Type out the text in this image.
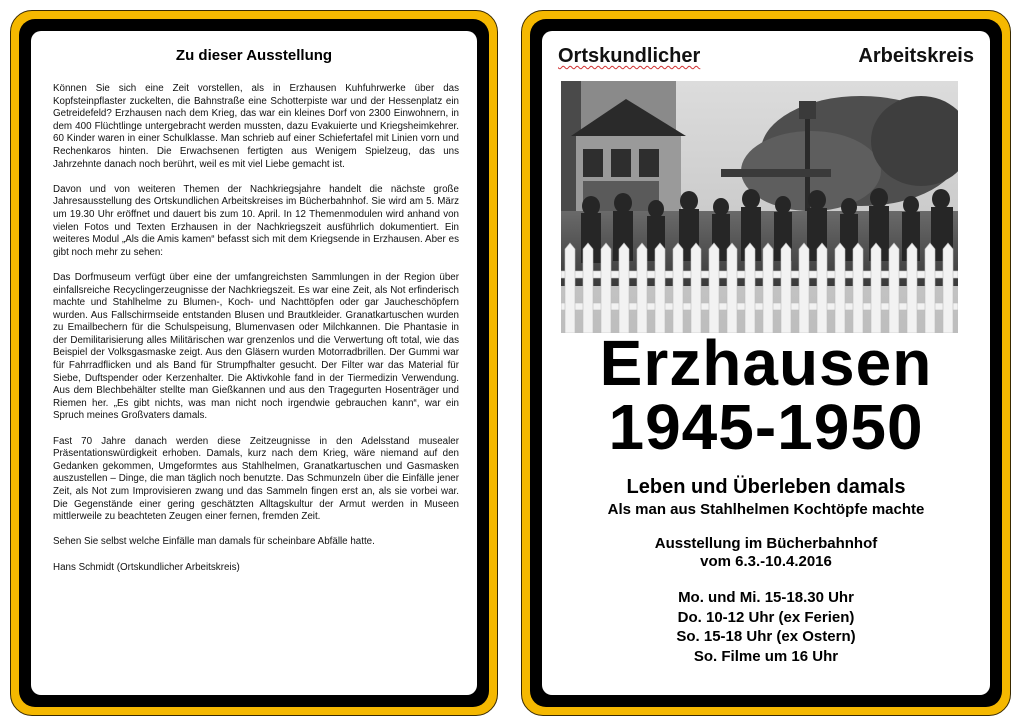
Zu dieser Ausstellung

Können Sie sich eine Zeit vorstellen, als in Erzhausen Kuhfuhrwerke über das Kopfsteinpflaster zuckelten, die Bahnstraße eine Schotterpiste war und der Hessenplatz ein Getreidefeld? Erzhausen nach dem Krieg, das war ein kleines Dorf von 2300 Einwohnern, in dem 400 Flüchtlinge untergebracht werden mussten, dazu Evakuierte und Kriegsheimkehrer. 60 Kinder waren in einer Schulklasse. Man schrieb auf einer Schiefertafel mit Linien vorn und Rechenkaros hinten. Die Erwachsenen fertigten aus Wenigem Spielzeug, das uns Jahrzehnte danach noch berührt, weil es mit viel Liebe gemacht ist.

Davon und von weiteren Themen der Nachkriegsjahre handelt die nächste große Jahresausstellung des Ortskundlichen Arbeitskreises im Bücherbahnhof. Sie wird am 5. März um 19.30 Uhr eröffnet und dauert bis zum 10. April. In 12 Themenmodulen wird anhand von vielen Fotos und Texten Erzhausen in der Nachkriegszeit ausführlich dokumentiert. Ein weiteres Modul „Als die Amis kamen“ befasst sich mit dem Kriegsende in Erzhausen. Aber es gibt noch mehr zu sehen:

Das Dorfmuseum verfügt über eine der umfangreichsten Sammlungen in der Region über einfallsreiche Recyclingerzeugnisse der Nachkriegszeit. Es war eine Zeit, als Not erfinderisch machte und Stahlhelme zu Blumen-, Koch- und Nachttöpfen oder gar Jaucheschöpfern wurden. Aus Fallschirmseide entstanden Blusen und Brautkleider. Granatkartuschen wurden zu Emailbechern für die Schulspeisung, Blumenvasen oder Milchkannen. Die Phantasie in der Demilitarisierung alles Militärischen war grenzenlos und die Verwertung oft total, wie das Beispiel der Volksgasmaske zeigt. Aus den Gläsern wurden Motorradbrillen. Der Gummi war für Fahrradflicken und als Band für Strumpfhalter gesucht. Der Filter war das Material für Siebe, Duftspender oder Kerzenhalter. Die Aktivkohle fand in der Tiermedizin Verwendung. Aus dem Blechbehälter stellte man Gießkannen und aus den Tragegurten Hosenträger und Riemen her. „Es gibt nichts, was man nicht noch irgendwie gebrauchen kann“, war ein Spruch meines Großvaters damals.

Fast 70 Jahre danach werden diese Zeitzeugnisse in den Adelsstand musealer Präsentationswürdigkeit erhoben. Damals, kurz nach dem Krieg, wäre niemand auf den Gedanken gekommen, Umgeformtes aus Stahlhelmen, Granatkartuschen und Gasmasken auszustellen – Dinge, die man täglich noch benutzte. Das Schmunzeln über die Einfälle jener Zeit, als Not zum Improvisieren zwang und das Sammeln fingen erst an, als sie vorbei war. Die Gegenstände einer gering geschätzten Alltagskultur der Armut werden in Museen mittlerweile zu beachteten Zeugen einer fernen, fremden Zeit.

Sehen Sie selbst welche Einfälle man damals für scheinbare Abfälle hatte.

Hans Schmidt (Ortskundlicher Arbeitskreis)

Ortskundlicher	Arbeitskreis
Erzhausen
1945-1950
Leben und Überleben damals
Als man aus Stahlhelmen Kochtöpfe machte
Ausstellung im Bücherbahnhof
vom 6.3.-10.4.2016
Mo. und Mi. 15-18.30 Uhr
Do. 10-12 Uhr (ex Ferien)
So. 15-18 Uhr (ex Ostern)
So. Filme um 16 Uhr
